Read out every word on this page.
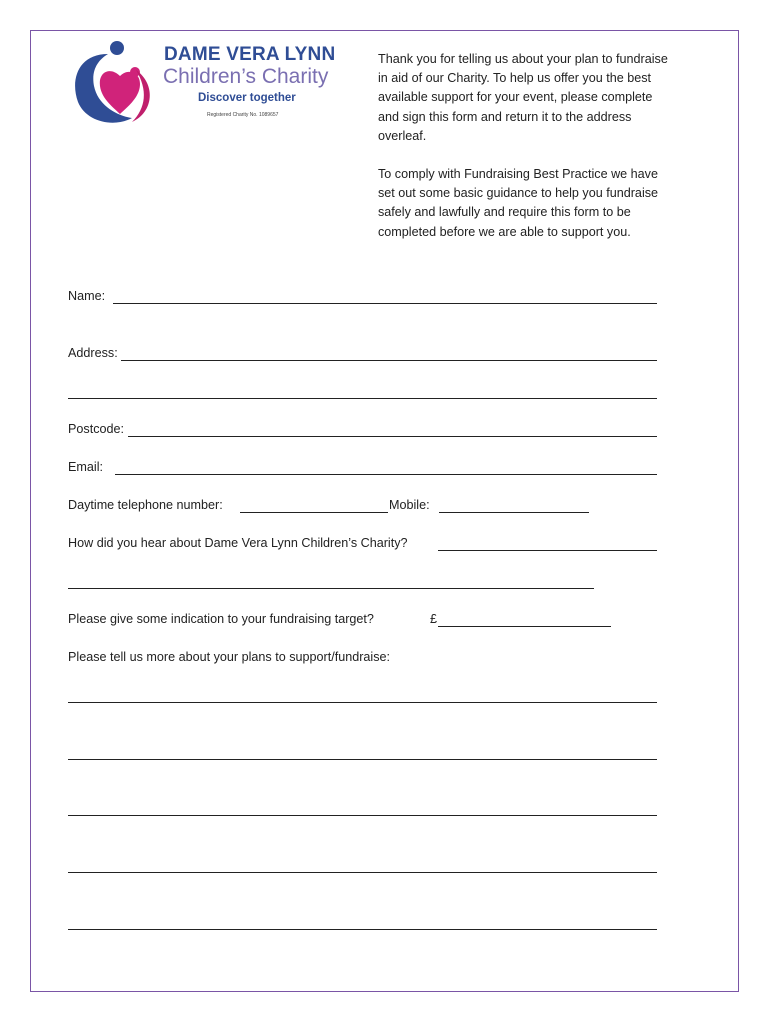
DAME VERA LYNN
Children’s Charity
Discover together
Registered Charity No. 1089657

Thank you for telling us about your plan to fundraise in aid of our Charity. To help us offer you the best available support for your event, please complete and sign this form and return it to the address overleaf.

To comply with Fundraising Best Practice we have set out some basic guidance to help you fundraise safely and lawfully and require this form to be completed before we are able to support you.

Name:
Address:
Postcode:
Email:
Daytime telephone number:	Mobile:
How did you hear about Dame Vera Lynn Children’s Charity?
Please give some indication to your fundraising target?	£
Please tell us more about your plans to support/fundraise:
